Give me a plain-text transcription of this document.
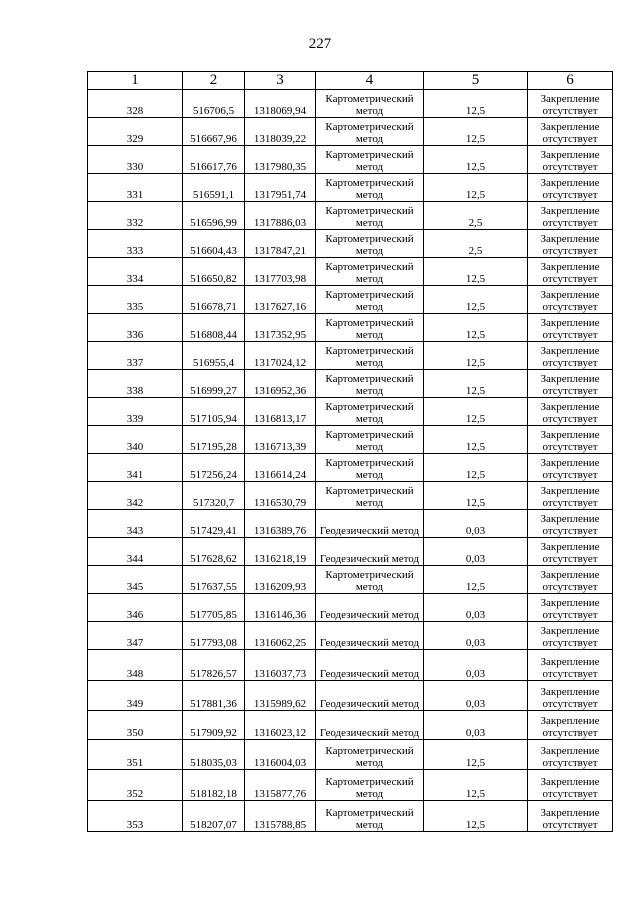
227
1	2	3	4	5	6
328	516706,5	1318069,94	Картометрический метод	12,5	Закрепление отсутствует
329	516667,96	1318039,22	Картометрический метод	12,5	Закрепление отсутствует
330	516617,76	1317980,35	Картометрический метод	12,5	Закрепление отсутствует
331	516591,1	1317951,74	Картометрический метод	12,5	Закрепление отсутствует
332	516596,99	1317886,03	Картометрический метод	2,5	Закрепление отсутствует
333	516604,43	1317847,21	Картометрический метод	2,5	Закрепление отсутствует
334	516650,82	1317703,98	Картометрический метод	12,5	Закрепление отсутствует
335	516678,71	1317627,16	Картометрический метод	12,5	Закрепление отсутствует
336	516808,44	1317352,95	Картометрический метод	12,5	Закрепление отсутствует
337	516955,4	1317024,12	Картометрический метод	12,5	Закрепление отсутствует
338	516999,27	1316952,36	Картометрический метод	12,5	Закрепление отсутствует
339	517105,94	1316813,17	Картометрический метод	12,5	Закрепление отсутствует
340	517195,28	1316713,39	Картометрический метод	12,5	Закрепление отсутствует
341	517256,24	1316614,24	Картометрический метод	12,5	Закрепление отсутствует
342	517320,7	1316530,79	Картометрический метод	12,5	Закрепление отсутствует
343	517429,41	1316389,76	Геодезический метод	0,03	Закрепление отсутствует
344	517628,62	1316218,19	Геодезический метод	0,03	Закрепление отсутствует
345	517637,55	1316209,93	Картометрический метод	12,5	Закрепление отсутствует
346	517705,85	1316146,36	Геодезический метод	0,03	Закрепление отсутствует
347	517793,08	1316062,25	Геодезический метод	0,03	Закрепление отсутствует
348	517826,57	1316037,73	Геодезический метод	0,03	Закрепление отсутствует
349	517881,36	1315989,62	Геодезический метод	0,03	Закрепление отсутствует
350	517909,92	1316023,12	Геодезический метод	0,03	Закрепление отсутствует
351	518035,03	1316004,03	Картометрический метод	12,5	Закрепление отсутствует
352	518182,18	1315877,76	Картометрический метод	12,5	Закрепление отсутствует
353	518207,07	1315788,85	Картометрический метод	12,5	Закрепление отсутствует
